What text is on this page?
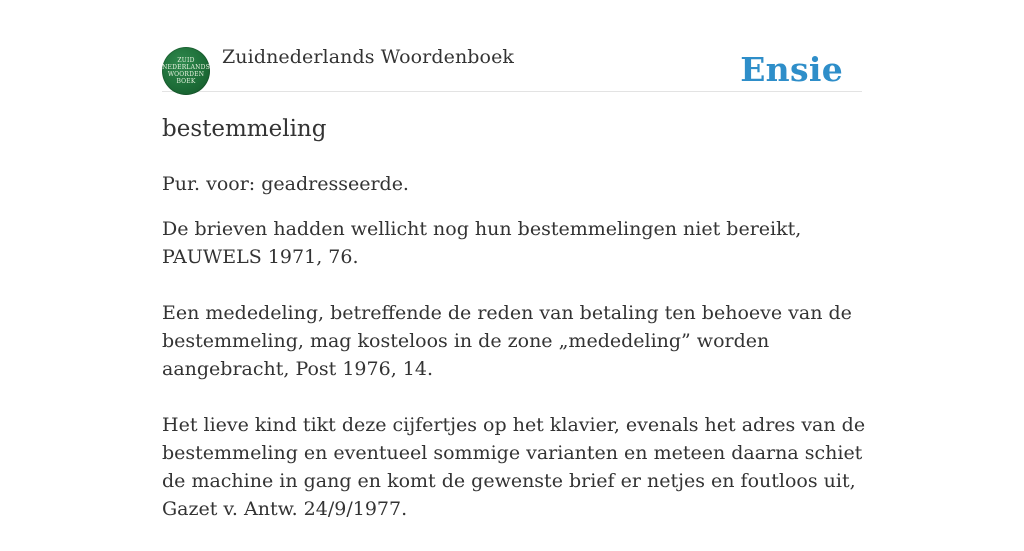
ZUID
NEDERLANDS
WOORDEN
BOEK
Zuidnederlands Woordenboek	Ensie
bestemmeling

Pur. voor: geadresseerde.

De brieven hadden wellicht nog hun bestemmelingen niet bereikt, PAUWELS 1971, 76.

Een mededeling, betreffende de reden van betaling ten behoeve van de bestemmeling, mag kosteloos in de zone „mededeling” worden aangebracht, Post 1976, 14.

Het lieve kind tikt deze cijfertjes op het klavier, evenals het adres van de bestemmeling en eventueel sommige varianten en meteen daarna schiet de machine in gang en komt de gewenste brief er netjes en foutloos uit, Gazet v. Antw. 24/9/1977.
